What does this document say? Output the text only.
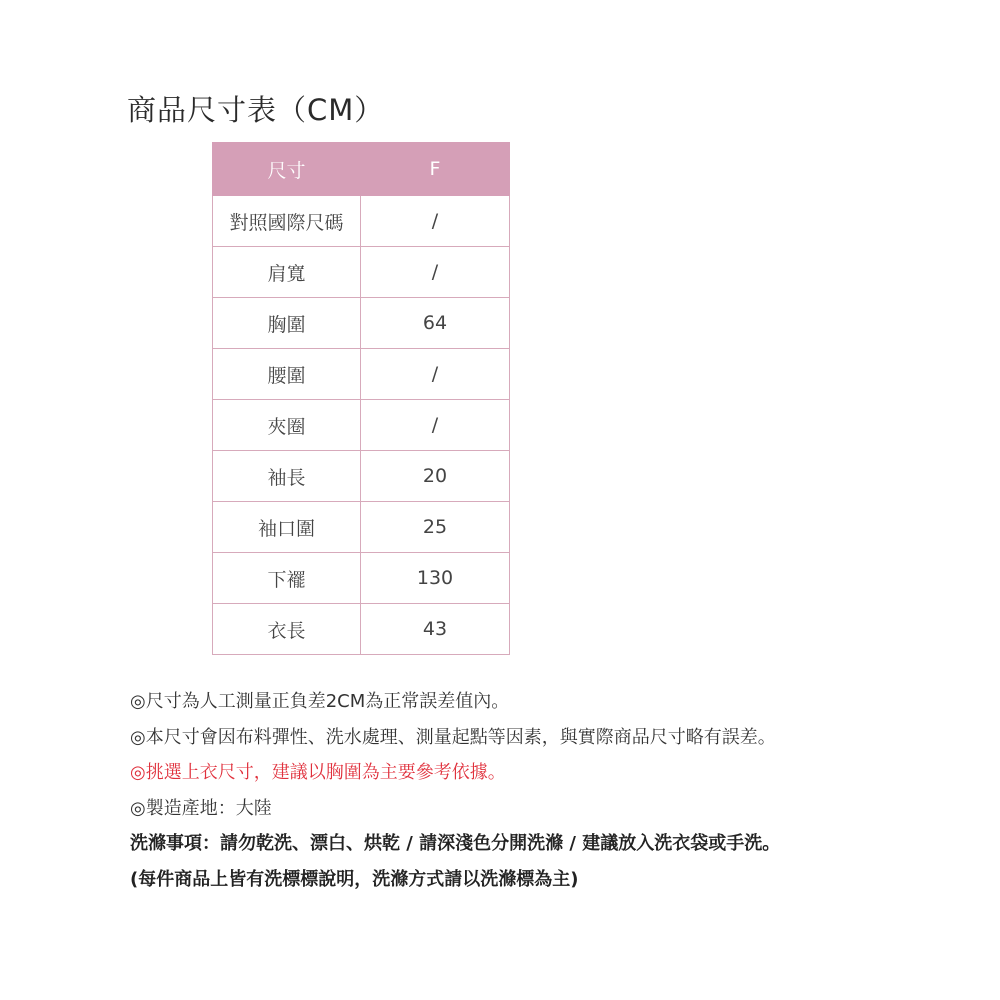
商品尺寸表（CM）
尺寸	F
對照國際尺碼	/
肩寬	/
胸圍	64
腰圍	/
夾圈	/
袖長	20
袖口圍	25
下襬	130
衣長	43
◎尺寸為人工測量正負差2CM為正常誤差值內。
◎本尺寸會因布料彈性、洗水處理、測量起點等因素，與實際商品尺寸略有誤差。
◎挑選上衣尺寸，建議以胸圍為主要參考依據。
◎製造產地：大陸
洗滌事項：請勿乾洗、漂白、烘乾 / 請深淺色分開洗滌 / 建議放入洗衣袋或手洗。
(每件商品上皆有洗標標說明，洗滌方式請以洗滌標為主)
